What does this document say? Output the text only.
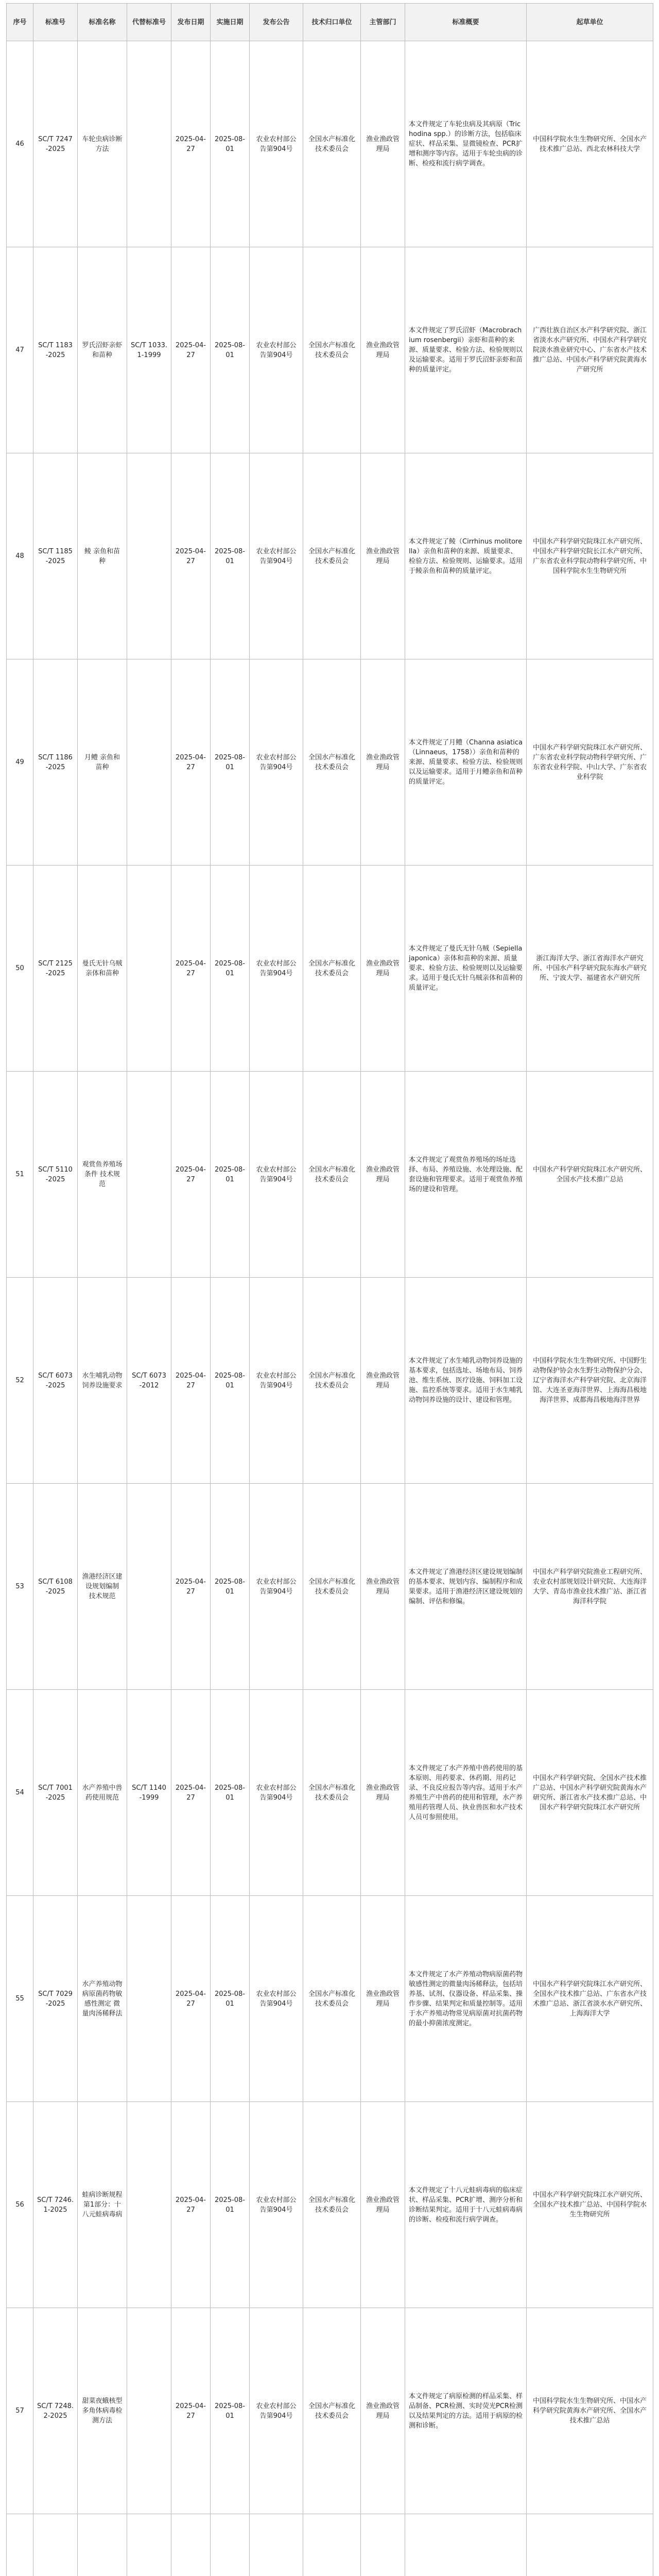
序号	标准号	标准名称	代替标准号	发布日期	实施日期	发布公告	技术归口单位	主管部门	标准概要	起草单位
46	SC/T 7247-2025	车轮虫病诊断方法		2025-04-27	2025-08-01	农业农村部公告第904号	全国水产标准化技术委员会	渔业渔政管理局	本文件规定了车轮虫病及其病原（Trichodina spp.）的诊断方法，包括临床症状、样品采集、显微镜检查、PCR扩增和测序等内容。适用于车轮虫病的诊断、检疫和流行病学调查。	中国科学院水生生物研究所、全国水产技术推广总站、西北农林科技大学
47	SC/T 1183-2025	罗氏沼虾亲虾和苗种	SC/T 1033.1-1999	2025-04-27	2025-08-01	农业农村部公告第904号	全国水产标准化技术委员会	渔业渔政管理局	本文件规定了罗氏沼虾（Macrobrachium rosenbergii）亲虾和苗种的来源、质量要求、检验方法、检验规则以及运输要求。适用于罗氏沼虾亲虾和苗种的质量评定。	广西壮族自治区水产科学研究院、浙江省淡水水产研究所、中国水产科学研究院淡水渔业研究中心、广东省水产技术推广总站、中国水产科学研究院黄海水产研究所
48	SC/T 1185-2025	鲮 亲鱼和苗种		2025-04-27	2025-08-01	农业农村部公告第904号	全国水产标准化技术委员会	渔业渔政管理局	本文件规定了鲮（Cirrhinus molitorella）亲鱼和苗种的来源、质量要求、检验方法、检验规则、运输要求。适用于鲮亲鱼和苗种的质量评定。	中国水产科学研究院珠江水产研究所、中国水产科学研究院长江水产研究所、广东省农业科学院动物科学研究所、中国科学院水生生物研究所
49	SC/T 1186-2025	月鳢 亲鱼和苗种		2025-04-27	2025-08-01	农业农村部公告第904号	全国水产标准化技术委员会	渔业渔政管理局	本文件规定了月鳢（Channa asiatica（Linnaeus，1758））亲鱼和苗种的来源、质量要求、检验方法、检验规则以及运输要求。适用于月鳢亲鱼和苗种的质量评定。	中国水产科学研究院珠江水产研究所、广东省农业科学院动物科学研究所、广东省农业科学院、中山大学、广东省农业科学院
50	SC/T 2125-2025	曼氏无针乌贼 亲体和苗种		2025-04-27	2025-08-01	农业农村部公告第904号	全国水产标准化技术委员会	渔业渔政管理局	本文件规定了曼氏无针乌贼（Sepiella japonica）亲体和苗种的来源、质量要求、检验方法、检验规则以及运输要求。适用于曼氏无针乌贼亲体和苗种的质量评定。	浙江海洋大学、浙江省海洋水产研究所、中国水产科学研究院东海水产研究所、宁波大学、福建省水产研究所
51	SC/T 5110-2025	观赏鱼养殖场条件 技术规范		2025-04-27	2025-08-01	农业农村部公告第904号	全国水产标准化技术委员会	渔业渔政管理局	本文件规定了观赏鱼养殖场的场址选择、布局、养殖设施、水处理设施、配套设施和管理要求。适用于观赏鱼养殖场的建设和管理。	中国水产科学研究院珠江水产研究所、全国水产技术推广总站
52	SC/T 6073-2025	水生哺乳动物饲养设施要求	SC/T 6073-2012	2025-04-27	2025-08-01	农业农村部公告第904号	全国水产标准化技术委员会	渔业渔政管理局	本文件规定了水生哺乳动物饲养设施的基本要求，包括选址、场地布局、饲养池、维生系统、医疗设施、饲料加工设施、监控系统等要求。适用于水生哺乳动物饲养设施的设计、建设和管理。	中国科学院水生生物研究所、中国野生动物保护协会水生野生动物保护分会、辽宁省海洋水产科学研究院、北京海洋馆、大连圣亚海洋世界、上海海昌极地海洋世界、成都海昌极地海洋世界
53	SC/T 6108-2025	渔港经济区建设规划编制 技术规范		2025-04-27	2025-08-01	农业农村部公告第904号	全国水产标准化技术委员会	渔业渔政管理局	本文件规定了渔港经济区建设规划编制的基本要求、规划内容、编制程序和成果要求。适用于渔港经济区建设规划的编制、评估和修编。	中国水产科学研究院渔业工程研究所、农业农村部规划设计研究院、大连海洋大学、青岛市渔业技术推广站、浙江省海洋科学院
54	SC/T 7001-2025	水产养殖中兽药使用规范	SC/T 1140-1999	2025-04-27	2025-08-01	农业农村部公告第904号	全国水产标准化技术委员会	渔业渔政管理局	本文件规定了水产养殖中兽药使用的基本原则、用药要求、休药期、用药记录、不良反应报告等内容。适用于水产养殖生产中兽药的使用和管理，水产养殖用药管理人员、执业兽医和水产技术人员可参照使用。	中国水产科学研究院、全国水产技术推广总站、中国水产科学研究院黄海水产研究所、浙江省水产技术推广总站、中国水产科学研究院珠江水产研究所
55	SC/T 7029-2025	水产养殖动物病原菌药物敏感性测定 微量肉汤稀释法		2025-04-27	2025-08-01	农业农村部公告第904号	全国水产标准化技术委员会	渔业渔政管理局	本文件规定了水产养殖动物病原菌药物敏感性测定的微量肉汤稀释法，包括培养基、试剂、仪器设备、样品采集、操作步骤、结果判定和质量控制等。适用于水产养殖动物常见病原菌对抗菌药物的最小抑菌浓度测定。	中国水产科学研究院珠江水产研究所、全国水产技术推广总站、广东省水产技术推广总站、浙江省淡水水产研究所、上海海洋大学
56	SC/T 7246.1-2025	蛙病诊断规程 第1部分：十八元蛙病毒病		2025-04-27	2025-08-01	农业农村部公告第904号	全国水产标准化技术委员会	渔业渔政管理局	本文件规定了十八元蛙病毒病的临床症状、样品采集、PCR扩增、测序分析和诊断结果判定。适用于十八元蛙病毒病的诊断、检疫和流行病学调查。	中国水产科学研究院珠江水产研究所、全国水产技术推广总站、中国科学院水生生物研究所
57	SC/T 7248.2-2025	甜菜夜蛾核型多角体病毒检测方法		2025-04-27	2025-08-01	农业农村部公告第904号	全国水产标准化技术委员会	渔业渔政管理局	本文件规定了病原检测的样品采集、样品制备、PCR检测、实时荧光PCR检测以及结果判定的方法。适用于病原的检测和诊断。	中国科学院水生生物研究所、中国水产科学研究院黄海水产研究所、全国水产技术推广总站
